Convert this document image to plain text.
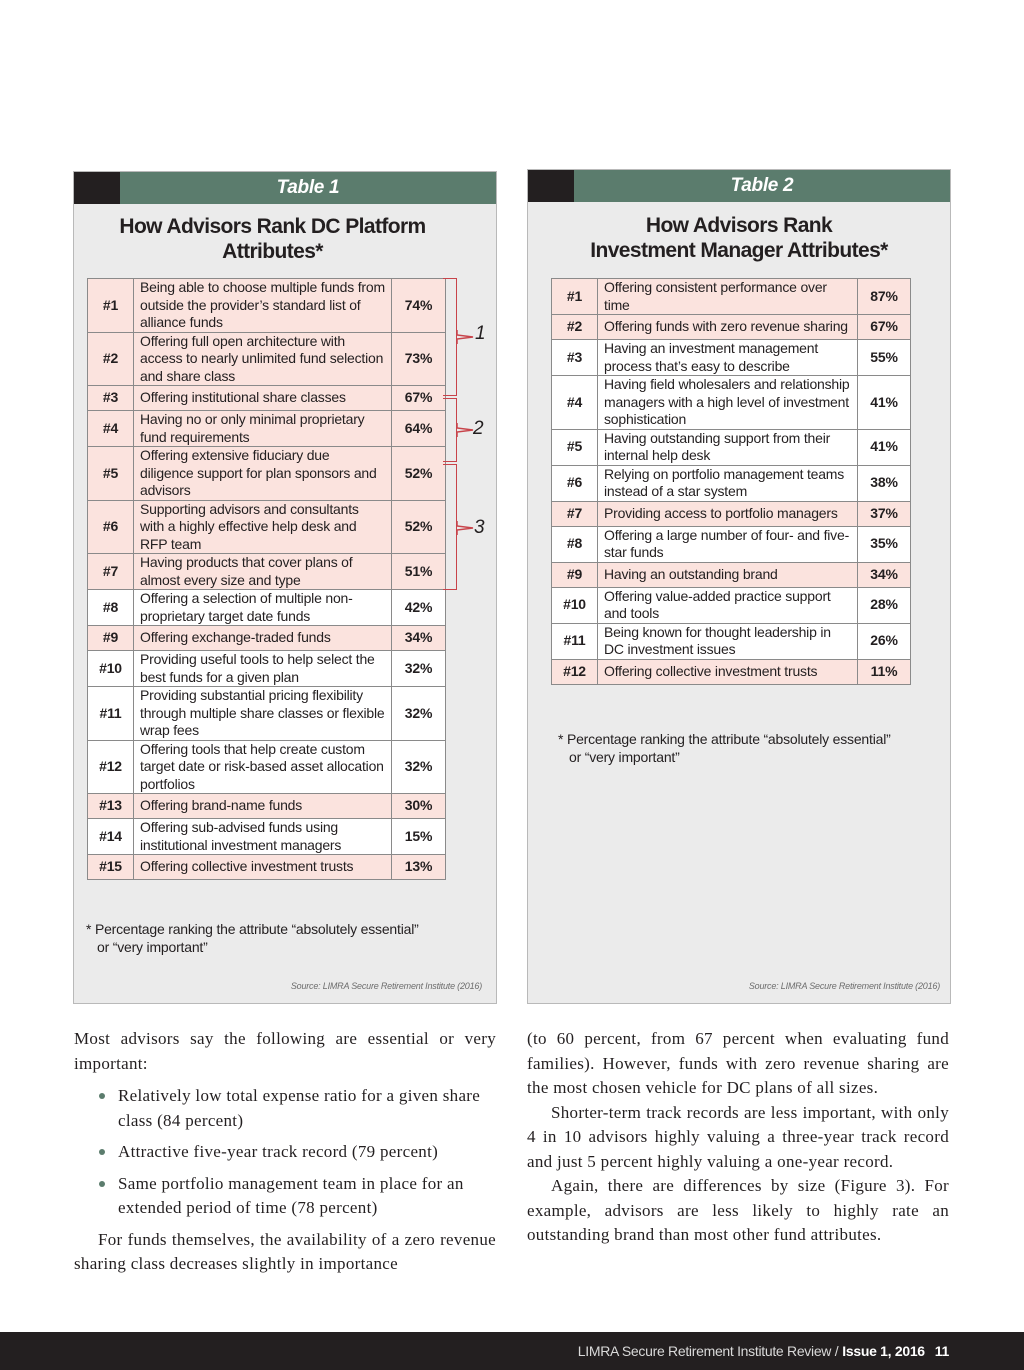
Table 1
How Advisors Rank DC Platform Attributes*
#1	Being able to choose multiple funds from outside the provider’s standard list of alliance funds	74%
#2	Offering full open architecture with access to nearly unlimited fund selection and share class	73%
#3	Offering institutional share classes	67%
#4	Having no or only minimal proprietary fund requirements	64%
#5	Offering extensive fiduciary due diligence support for plan sponsors and advisors	52%
#6	Supporting advisors and consultants with a highly effective help desk and RFP team	52%
#7	Having products that cover plans of almost every size and type	51%
#8	Offering a selection of multiple non-proprietary target date funds	42%
#9	Offering exchange-traded funds	34%
#10	Providing useful tools to help select the best funds for a given plan	32%
#11	Providing substantial pricing flexibility through multiple share classes or flexible wrap fees	32%
#12	Offering tools that help create custom target date or risk-based asset allocation portfolios	32%
#13	Offering brand-name funds	30%
#14	Offering sub-advised funds using institutional investment managers	15%
#15	Offering collective investment trusts	13%
* Percentage ranking the attribute “absolutely essential”
or “very important”
Source: LIMRA Secure Retirement Institute (2016)
1
2
3
Table 2
How Advisors Rank
Investment Manager Attributes*
#1	Offering consistent performance over time	87%
#2	Offering funds with zero revenue sharing	67%
#3	Having an investment management process that’s easy to describe	55%
#4	Having field wholesalers and relationship managers with a high level of investment sophistication	41%
#5	Having outstanding support from their internal help desk	41%
#6	Relying on portfolio management teams instead of a star system	38%
#7	Providing access to portfolio managers	37%
#8	Offering a large number of four- and five-star funds	35%
#9	Having an outstanding brand	34%
#10	Offering value-added practice support and tools	28%
#11	Being known for thought leadership in DC investment issues	26%
#12	Offering collective investment trusts	11%
* Percentage ranking the attribute “absolutely essential”
or “very important”
Source: LIMRA Secure Retirement Institute (2016)

Most advisors say the following are essential or very important:

Relatively low total expense ratio for a given share class (84 percent)
Attractive five-year track record (79 percent)
Same portfolio management team in place for an extended period of time (78 percent)

For funds themselves, the availability of a zero revenue sharing class decreases slightly in importance

(to 60 percent, from 67 percent when evaluating fund families). However, funds with zero revenue sharing are the most chosen vehicle for DC plans of all sizes.

Shorter-term track records are less important, with only 4 in 10 advisors highly valuing a three-year track record and just 5 percent highly valuing a one-year record.

Again, there are differences by size (Figure 3). For example, advisors are less likely to highly rate an outstanding brand than most other fund attributes.

LIMRA Secure Retirement Institute Review / Issue 1, 2016 11
